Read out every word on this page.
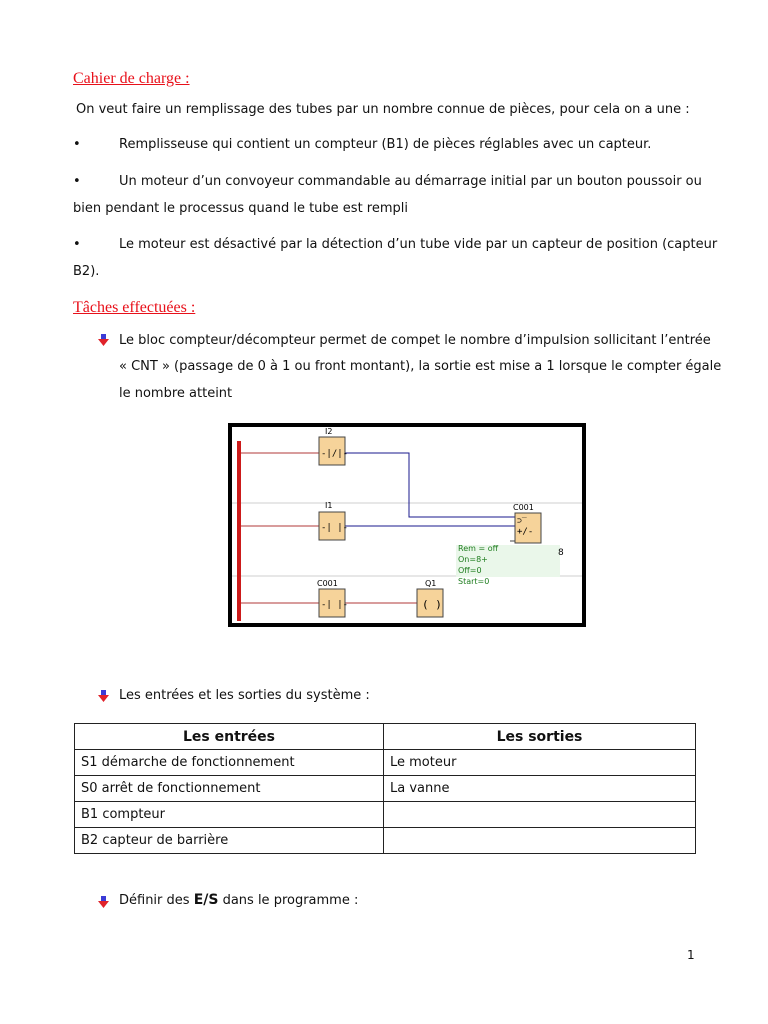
Cahier de charge :
On veut faire un remplissage des tubes par un nombre connue de pièces, pour cela on a une :
•	Remplisseuse qui contient un compteur (B1) de pièces réglables avec un capteur.
•	Un moteur d’un convoyeur commandable au démarrage initial par un bouton poussoir ou
bien pendant le processus quand le tube est rempli
•	Le moteur est désactivé par la détection d’un tube vide par un capteur de position (capteur
B2).
Tâches effectuées :
Le bloc compteur/décompteur permet de compet le nombre d’impulsion sollicitant l’entrée
« CNT » (passage de 0 à 1 ou front montant), la sortie est mise a 1 lorsque le compter égale
le nombre atteint
I2
-|/|-
I1
-| |-
C001
-| |-
Q1
( )
C001
⊃‾
+/-
Rem = off
On=8+
Off=0
Start=0
8
Les entrées et les sorties du système :
Les entrées	Les sorties
S1 démarche de fonctionnement	Le moteur
S0 arrêt de fonctionnement	La vanne
B1 compteur	
B2 capteur de barrière	
Définir des E/S dans le programme :
1
